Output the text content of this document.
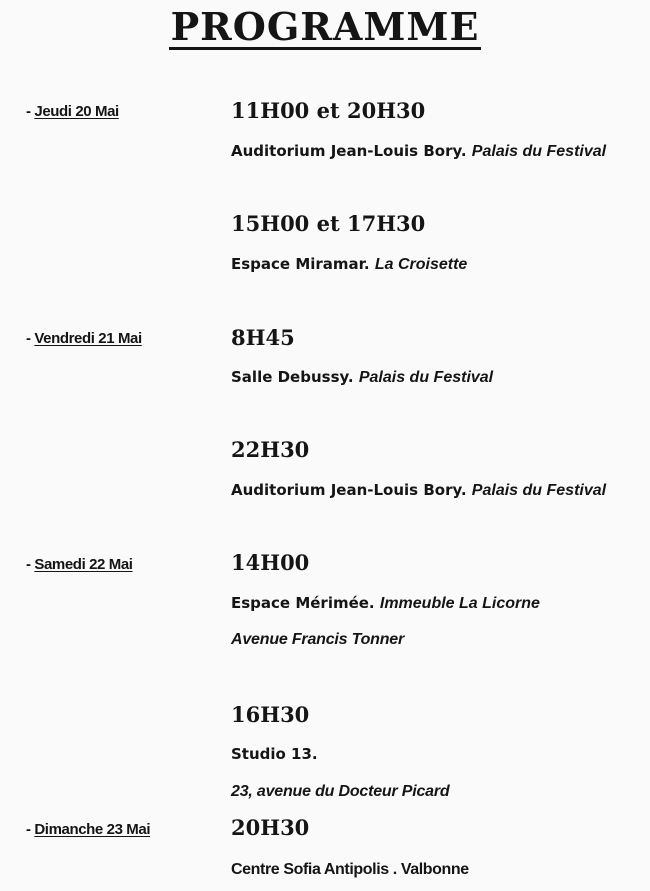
PROGRAMME
- Jeudi 20 Mai	11H00 et 20H30
Auditorium Jean-Louis Bory. Palais du Festival
15H00 et 17H30
Espace Miramar. La Croisette
- Vendredi 21 Mai	8H45
Salle Debussy. Palais du Festival
22H30
Auditorium Jean-Louis Bory. Palais du Festival
- Samedi 22 Mai	14H00
Espace Mérimée. Immeuble La Licorne
Avenue Francis Tonner
16H30
Studio 13.
23, avenue du Docteur Picard
- Dimanche 23 Mai	20H30
Centre Sofia Antipolis . Valbonne
